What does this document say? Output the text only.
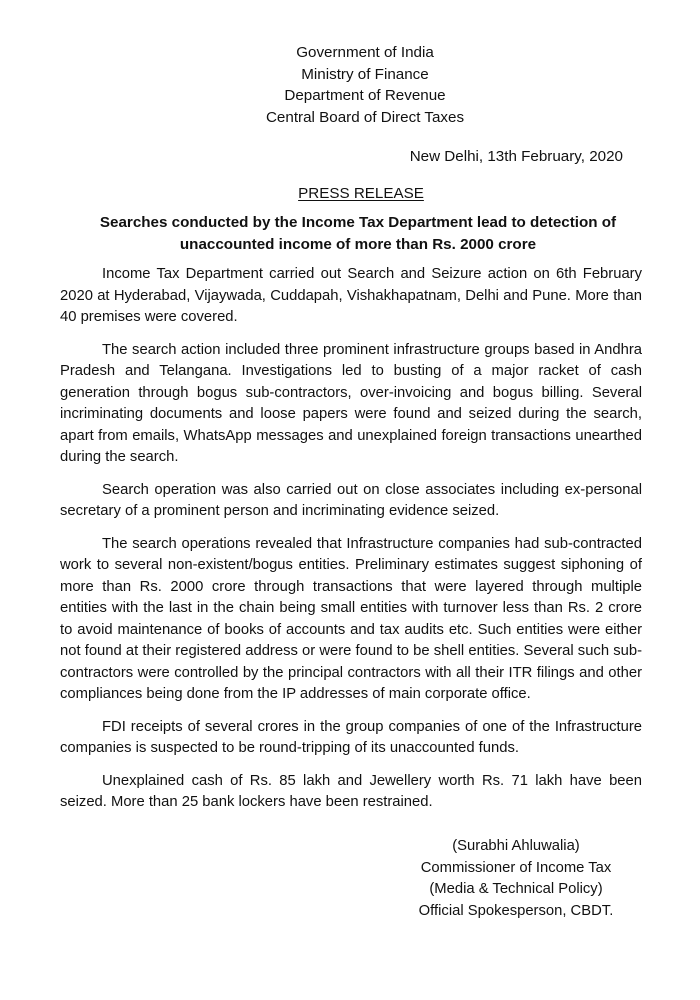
Government of India
Ministry of Finance
Department of Revenue
Central Board of Direct Taxes
New Delhi, 13th February, 2020
PRESS RELEASE
Searches conducted by the Income Tax Department lead to detection of
unaccounted income of more than Rs. 2000 crore

Income Tax Department carried out Search and Seizure action on 6th February 2020 at Hyderabad, Vijaywada, Cuddapah, Vishakhapatnam, Delhi and Pune. More than 40 premises were covered.

The search action included three prominent infrastructure groups based in Andhra Pradesh and Telangana. Investigations led to busting of a major racket of cash generation through bogus sub-contractors, over-invoicing and bogus billing. Several incriminating documents and loose papers were found and seized during the search, apart from emails, WhatsApp messages and unexplained foreign transactions unearthed during the search.

Search operation was also carried out on close associates including ex-personal secretary of a prominent person and incriminating evidence seized.

The search operations revealed that Infrastructure companies had sub-contracted work to several non-existent/bogus entities. Preliminary estimates suggest siphoning of more than Rs. 2000 crore through transactions that were layered through multiple entities with the last in the chain being small entities with turnover less than Rs. 2 crore to avoid maintenance of books of accounts and tax audits etc. Such entities were either not found at their registered address or were found to be shell entities. Several such sub-contractors were controlled by the principal contractors with all their ITR filings and other compliances being done from the IP addresses of main corporate office.

FDI receipts of several crores in the group companies of one of the Infrastructure companies is suspected to be round-tripping of its unaccounted funds.

Unexplained cash of Rs. 85 lakh and Jewellery worth Rs. 71 lakh have been seized. More than 25 bank lockers have been restrained.

(Surabhi Ahluwalia)
Commissioner of Income Tax
(Media & Technical Policy)
Official Spokesperson, CBDT.
